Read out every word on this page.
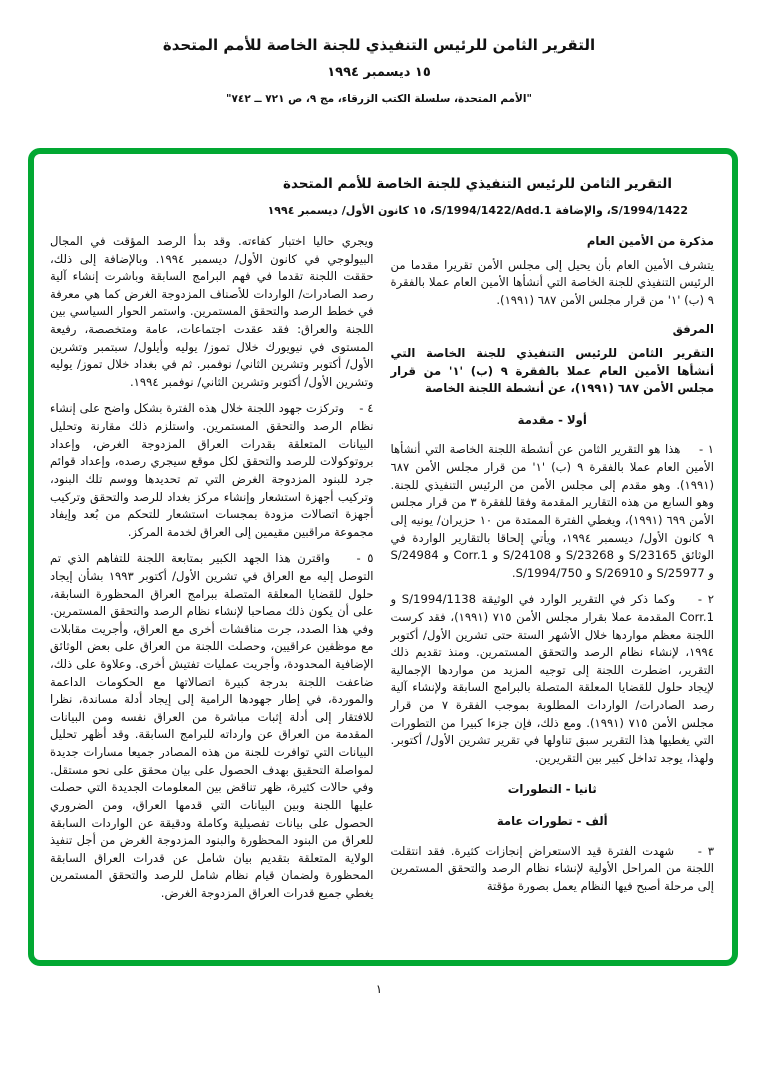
التقرير الثامن للرئيس التنفيذي للجنة الخاصة للأمم المتحدة
١٥ ديسمبر ١٩٩٤
"الأمم المتحدة، سلسلة الكتب الزرقاء، مج ٩، ص ٧٢١ ــ ٧٤٢"
التقرير الثامن للرئيس التنفيذي للجنة الخاصة للأمم المتحدة
S/1994/1422، والإضافة S/1994/1422/Add.1، ١٥ كانون الأول/ ديسمبر ١٩٩٤
مذكرة من الأمين العام
يتشرف الأمين العام بأن يحيل إلى مجلس الأمن تقريرا مقدما من الرئيس التنفيذي للجنة الخاصة التي أنشأها الأمين العام عملا بالفقرة ٩ (ب) '١' من قرار مجلس الأمن ٦٨٧ (١٩٩١).
المرفق
التقرير الثامن للرئيس التنفيذي للجنة الخاصة التي أنشأها الأمين العام عملا بالفقرة ٩ (ب) '١' من قرار مجلس الأمن ٦٨٧ (١٩٩١)، عن أنشطة اللجنة الخاصة
أولا - مقدمة
١ -    هذا هو التقرير الثامن عن أنشطة اللجنة الخاصة التي أنشأها الأمين العام عملا بالفقرة ٩ (ب) '١' من قرار مجلس الأمن ٦٨٧ (١٩٩١). وهو مقدم إلى مجلس الأمن من الرئيس التنفيذي للجنة. وهو السابع من هذه التقارير المقدمة وفقا للفقرة ٣ من قرار مجلس الأمن ٦٩٩ (١٩٩١)، ويغطي الفترة الممتدة من ١٠ حزيران/ يونيه إلى ٩ كانون الأول/ ديسمبر ١٩٩٤، ويأتي إلحاقا بالتقارير الواردة في الوثائق S/23165 و S/23268 و S/24108 و Corr.1 و S/24984 و S/25977 و S/26910 و S/1994/750.
٢ -    وكما ذكر في التقرير الوارد في الوثيقة S/1994/1138 و Corr.1 المقدمة عملا بقرار مجلس الأمن ٧١٥ (١٩٩١)، فقد كرست اللجنة معظم مواردها خلال الأشهر الستة حتى تشرين الأول/ أكتوبر ١٩٩٤، لإنشاء نظام الرصد والتحقق المستمرين. ومنذ تقديم ذلك التقرير، اضطرت اللجنة إلى توجيه المزيد من مواردها الإجمالية لإيجاد حلول للقضايا المعلقة المتصلة بالبرامج السابقة ولإنشاء آلية رصد الصادرات/ الواردات المطلوبة بموجب الفقرة ٧ من قرار مجلس الأمن ٧١٥ (١٩٩١). ومع ذلك، فإن جزءا كبيرا من التطورات التي يغطيها هذا التقرير سبق تناولها في تقرير تشرين الأول/ أكتوبر. ولهذا، يوجد تداخل كبير بين التقريرين.
ثانيا - التطورات
ألف - تطورات عامة
٣ -    شهدت الفترة قيد الاستعراض إنجازات كثيرة. فقد انتقلت اللجنة من المراحل الأولية لإنشاء نظام الرصد والتحقق المستمرين إلى مرحلة أصبح فيها النظام يعمل بصورة مؤقتة
ويجري حاليا اختبار كفاءته. وقد بدأ الرصد المؤقت في المجال البيولوجي في كانون الأول/ ديسمبر ١٩٩٤. وبالإضافة إلى ذلك، حققت اللجنة تقدما في فهم البرامج السابقة وباشرت إنشاء آلية رصد الصادرات/ الواردات للأصناف المزدوجة الغرض كما هي معرفة في خطط الرصد والتحقق المستمرين. واستمر الحوار السياسي بين اللجنة والعراق: فقد عقدت اجتماعات، عامة ومتخصصة، رفيعة المستوى في نيويورك خلال تموز/ يوليه وأيلول/ سبتمبر وتشرين الأول/ أكتوبر وتشرين الثاني/ نوفمبر. ثم في بغداد خلال تموز/ يوليه وتشرين الأول/ أكتوبر وتشرين الثاني/ نوفمبر ١٩٩٤.
٤ -    وتركزت جهود اللجنة خلال هذه الفترة بشكل واضح على إنشاء نظام الرصد والتحقق المستمرين. واستلزم ذلك مقارنة وتحليل البيانات المتعلقة بقدرات العراق المزدوجة الغرض، وإعداد بروتوكولات للرصد والتحقق لكل موقع سيجري رصده، وإعداد قوائم جرد للبنود المزدوجة الغرض التي تم تحديدها ووسم تلك البنود، وتركيب أجهزة استشعار وإنشاء مركز بغداد للرصد والتحقق وتركيب أجهزة اتصالات مزودة بمجسات استشعار للتحكم من بُعد وإيفاد مجموعة مراقبين مقيمين إلى العراق لخدمة المركز.
٥ -    واقترن هذا الجهد الكبير بمتابعة اللجنة للتفاهم الذي تم التوصل إليه مع العراق في تشرين الأول/ أكتوبر ١٩٩٣ بشأن إيجاد حلول للقضايا المعلقة المتصلة ببرامج العراق المحظورة السابقة، على أن يكون ذلك مصاحبا لإنشاء نظام الرصد والتحقق المستمرين. وفي هذا الصدد، جرت مناقشات أخرى مع العراق، وأجريت مقابلات مع موظفين عراقيين، وحصلت اللجنة من العراق على بعض الوثائق الإضافية المحدودة، وأجريت عمليات تفتيش أخرى. وعلاوة على ذلك، ضاعفت اللجنة بدرجة كبيرة اتصالاتها مع الحكومات الداعمة والموردة، في إطار جهودها الرامية إلى إيجاد أدلة مساندة، نظرا للافتقار إلى أدلة إثبات مباشرة من العراق نفسه ومن البيانات المقدمة من العراق عن وارداته للبرامج السابقة. وقد أظهر تحليل البيانات التي توافرت للجنة من هذه المصادر جميعا مسارات جديدة لمواصلة التحقيق بهدف الحصول على بيان محقق على نحو مستقل. وفي حالات كثيرة، ظهر تناقض بين المعلومات الجديدة التي حصلت عليها اللجنة وبين البيانات التي قدمها العراق، ومن الضروري الحصول على بيانات تفصيلية وكاملة ودقيقة عن الواردات السابقة للعراق من البنود المحظورة والبنود المزدوجة الغرض من أجل تنفيذ الولاية المتعلقة بتقديم بيان شامل عن قدرات العراق السابقة المحظورة ولضمان قيام نظام شامل للرصد والتحقق المستمرين يغطي جميع قدرات العراق المزدوجة الغرض.
١
